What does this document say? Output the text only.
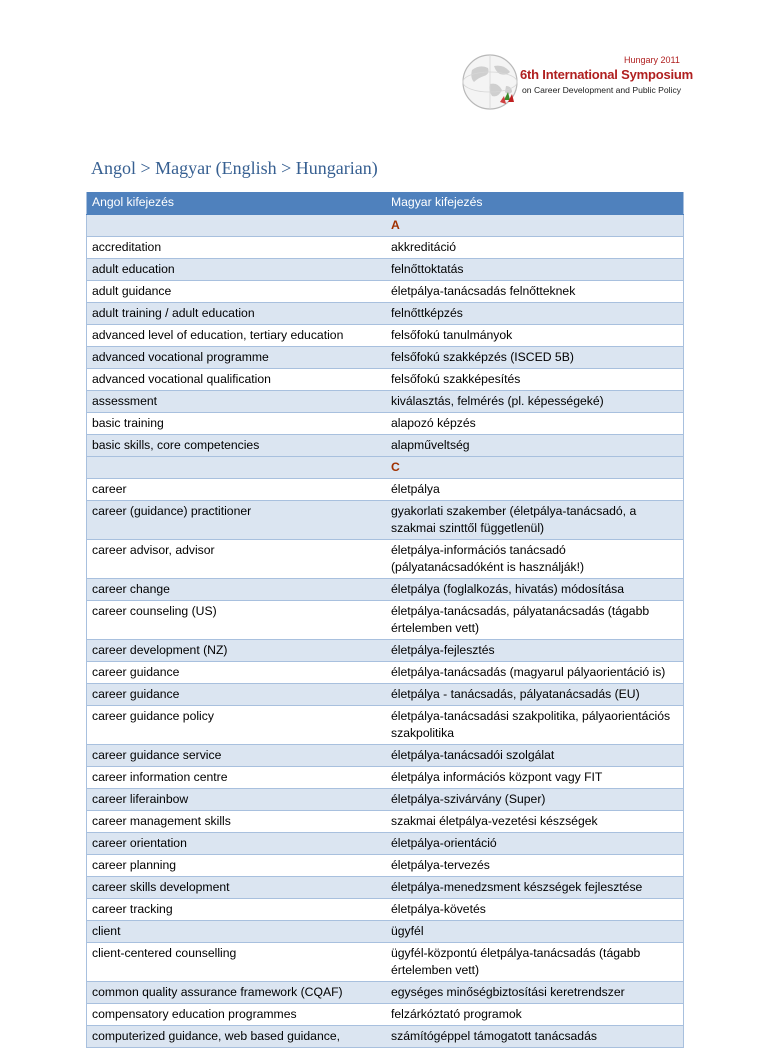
Hungary 2011
6th International Symposium
on Career Development and Public Policy
Angol > Magyar (English > Hungarian)
Angol kifejezés	Magyar kifejezés
	A
accreditation	akkreditáció
adult education	felnőttoktatás
adult guidance	életpálya-tanácsadás felnőtteknek
adult training / adult education	felnőttképzés
advanced level of education, tertiary education	felsőfokú tanulmányok
advanced vocational programme	felsőfokú szakképzés (ISCED 5B)
advanced vocational qualification	felsőfokú szakképesítés
assessment	kiválasztás, felmérés (pl. képességeké)
basic training	alapozó képzés
basic skills, core competencies	alapműveltség
	C
career	életpálya
career (guidance) practitioner	gyakorlati szakember (életpálya-tanácsadó, a szakmai szinttől függetlenül)
career advisor, advisor	életpálya-információs tanácsadó (pályatanácsadóként is használják!)
career change	életpálya (foglalkozás, hivatás) módosítása
career counseling (US)	életpálya-tanácsadás, pályatanácsadás (tágabb értelemben vett)
career development (NZ)	életpálya-fejlesztés
career guidance	életpálya-tanácsadás (magyarul pályaorientáció is)
career guidance	életpálya - tanácsadás, pályatanácsadás (EU)
career guidance policy	életpálya-tanácsadási szakpolitika, pályaorientációs szakpolitika
career guidance service	életpálya-tanácsadói szolgálat
career information centre	életpálya információs központ vagy FIT
career liferainbow	életpálya-szivárvány (Super)
career management skills	szakmai életpálya-vezetési készségek
career orientation	életpálya-orientáció
career planning	életpálya-tervezés
career skills development	életpálya-menedzsment készségek fejlesztése
career tracking	életpálya-követés
client	ügyfél
client-centered counselling	ügyfél-központú életpálya-tanácsadás (tágabb értelemben vett)
common quality assurance framework (CQAF)	egységes minőségbiztosítási keretrendszer
compensatory education programmes	felzárkóztató programok
computerized guidance, web based guidance,	számítógéppel támogatott tanácsadás
